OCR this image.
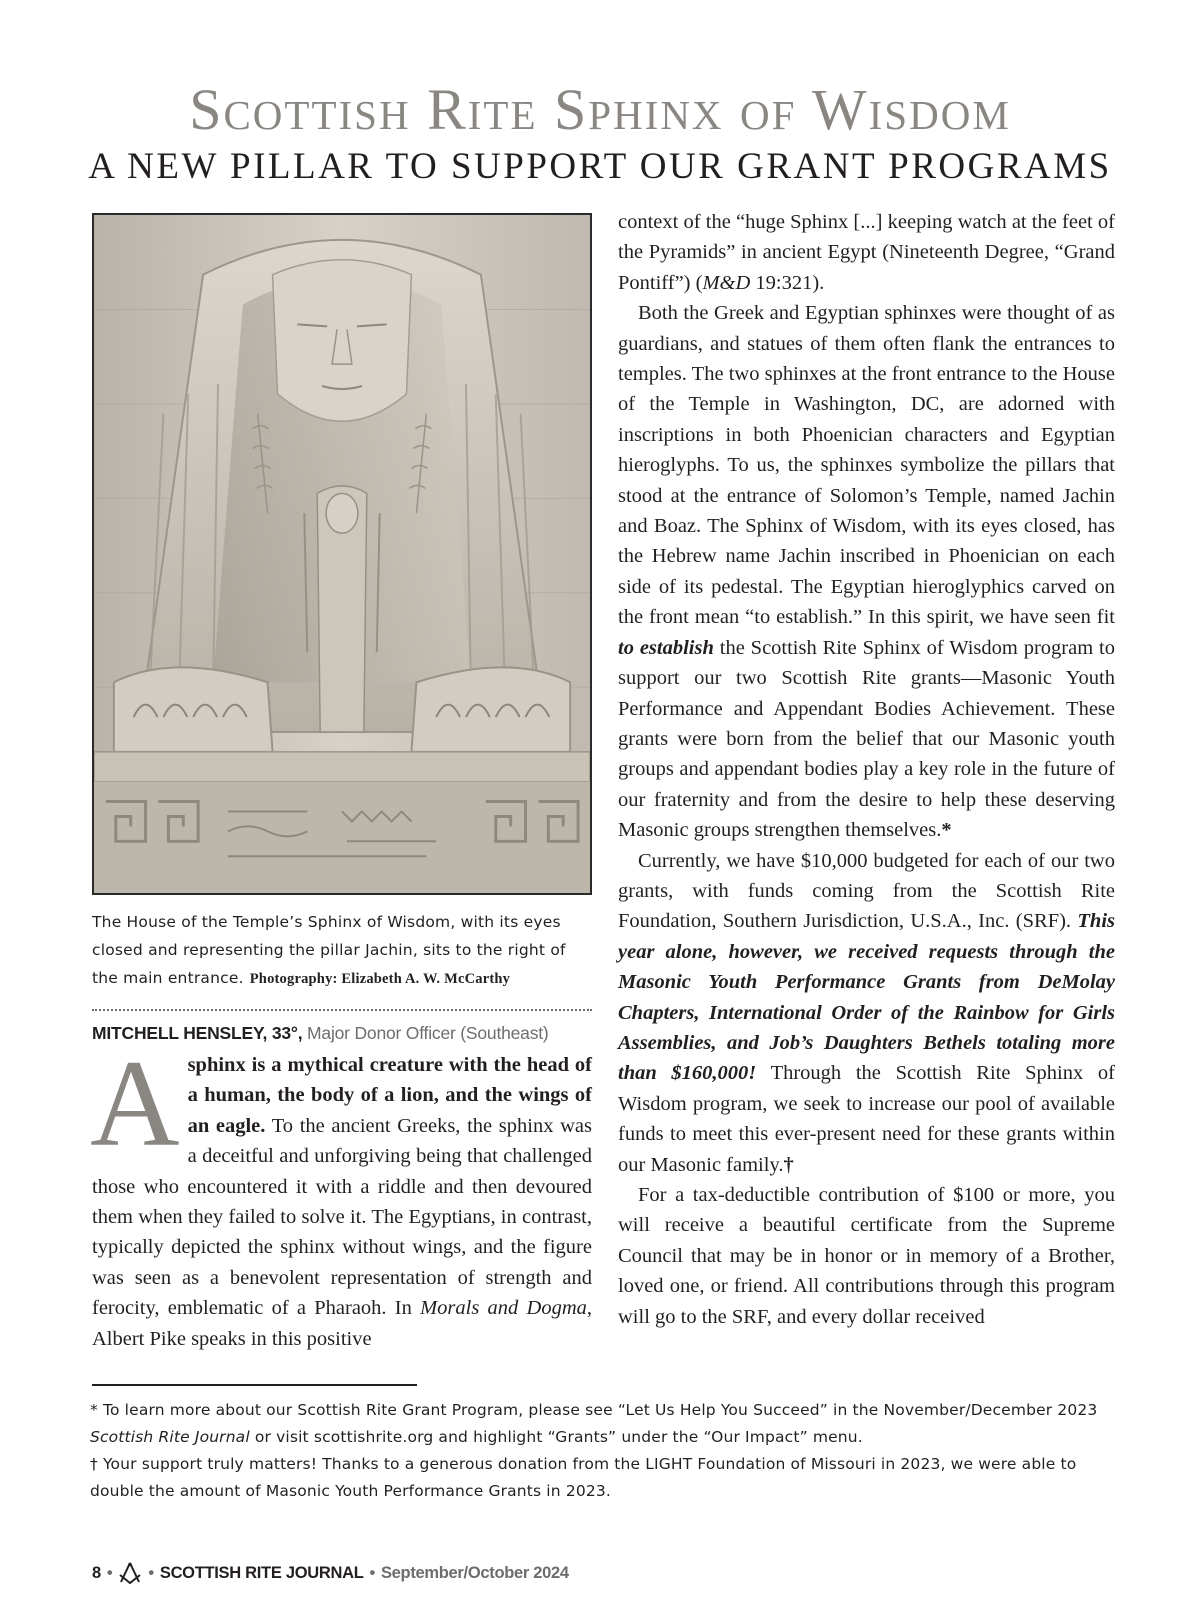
Scottish Rite Sphinx of Wisdom
A NEW PILLAR TO SUPPORT OUR GRANT PROGRAMS
The House of the Temple’s Sphinx of Wisdom, with its eyes closed and representing the pillar Jachin, sits to the right of the main entrance. Photography: Elizabeth A. W. McCarthy
MITCHELL HENSLEY, 33°, Major Donor Officer (Southeast)

A sphinx is a mythical creature with the head of a human, the body of a lion, and the wings of an eagle. To the ancient Greeks, the sphinx was a deceitful and unforgiving being that challenged those who encountered it with a riddle and then devoured them when they failed to solve it. The Egyptians, in contrast, typically depicted the sphinx without wings, and the figure was seen as a benevolent representation of strength and ferocity, emblematic of a Pharaoh. In Morals and Dogma, Albert Pike speaks in this positive

context of the “huge Sphinx [...] keeping watch at the feet of the Pyramids” in ancient Egypt (Nineteenth Degree, “Grand Pontiff”) (M&D 19:321).

Both the Greek and Egyptian sphinxes were thought of as guardians, and statues of them often flank the entrances to temples. The two sphinxes at the front entrance to the House of the Temple in Washington, DC, are adorned with inscriptions in both Phoenician characters and Egyptian hieroglyphs. To us, the sphinxes symbolize the pillars that stood at the entrance of Solomon’s Temple, named Jachin and Boaz. The Sphinx of Wisdom, with its eyes closed, has the Hebrew name Jachin inscribed in Phoenician on each side of its pedestal. The Egyptian hieroglyphics carved on the front mean “to establish.” In this spirit, we have seen fit to establish the Scottish Rite Sphinx of Wisdom program to support our two Scottish Rite grants—Masonic Youth Performance and Appendant Bodies Achievement. These grants were born from the belief that our Masonic youth groups and appendant bodies play a key role in the future of our fraternity and from the desire to help these deserving Masonic groups strengthen themselves.*

Currently, we have $10,000 budgeted for each of our two grants, with funds coming from the Scottish Rite Foundation, Southern Jurisdiction, U.S.A., Inc. (SRF). This year alone, however, we received requests through the Masonic Youth Performance Grants from DeMolay Chapters, International Order of the Rainbow for Girls Assemblies, and Job’s Daughters Bethels totaling more than $160,000! Through the Scottish Rite Sphinx of Wisdom program, we seek to increase our pool of available funds to meet this ever-present need for these grants within our Masonic family.†

For a tax-deductible contribution of $100 or more, you will receive a beautiful certificate from the Supreme Council that may be in honor or in memory of a Brother, loved one, or friend. All contributions through this program will go to the SRF, and every dollar received

* To learn more about our Scottish Rite Grant Program, please see “Let Us Help You Succeed” in the November/December 2023 Scottish Rite Journal or visit scottishrite.org and highlight “Grants” under the “Our Impact” menu.

† Your support truly matters! Thanks to a generous donation from the LIGHT Foundation of Missouri in 2023, we were able to double the amount of Masonic Youth Performance Grants in 2023.

8 • • SCOTTISH RITE JOURNAL • September/October 2024
